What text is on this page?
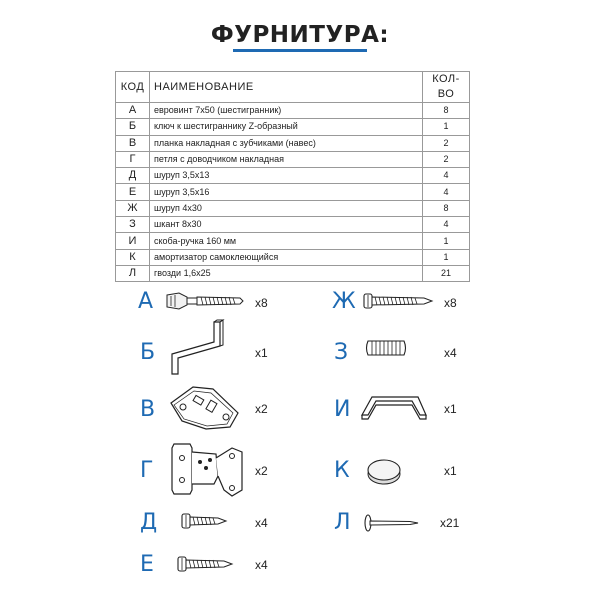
ФУРНИТУРА:
КОД	НАИМЕНОВАНИЕ	КОЛ-ВО
А	евровинт 7х50 (шестигранник)	8
Б	ключ к шестиграннику Z-образный	1
В	планка накладная с зубчиками (навес)	2
Г	петля с доводчиком накладная	2
Д	шуруп 3,5х13	4
Е	шуруп 3,5х16	4
Ж	шуруп 4х30	8
З	шкант 8х30	4
И	скоба-ручка 160 мм	1
К	амортизатор самоклеющийся	1
Л	гвозди 1,6х25	21
А	x8
Б	x1
В	x2
Г	x2
Д	x4
Е	x4
Ж	x8
З	x4
И	x1
К	x1
Л	x21
